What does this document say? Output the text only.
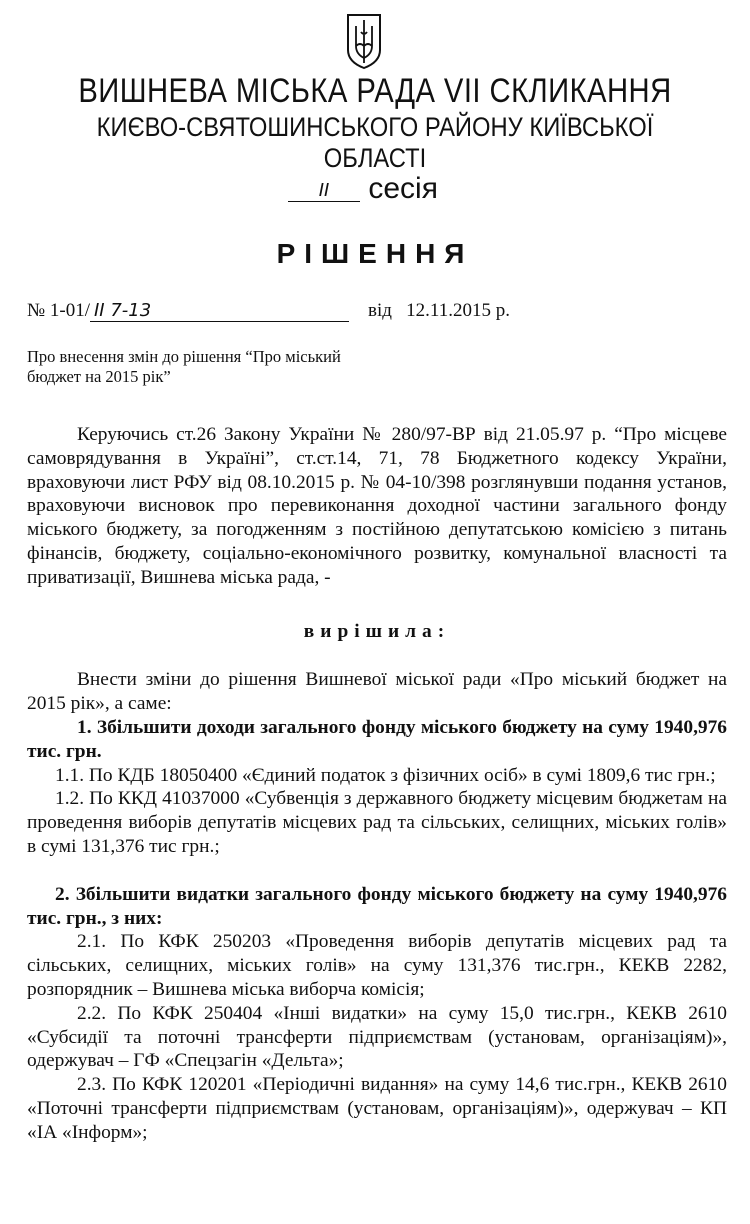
ВИШНЕВА МІСЬКА РАДА VII СКЛИКАННЯ
КИЄВО-СВЯТОШИНСЬКОГО РАЙОНУ КИЇВСЬКОЇ ОБЛАСТІ
ІІ сесія
РІШЕННЯ
№ 1-01/ II 7-13	від 12.11.2015 р.
Про внесення змін до рішення “Про міський бюджет на 2015 рік”

Керуючись ст.26 Закону України № 280/97-ВР від 21.05.97 р. “Про місцеве самоврядування в Україні”, ст.ст.14, 71, 78 Бюджетного кодексу України, враховуючи лист РФУ від 08.10.2015 р. № 04-10/398 розглянувши подання установ, враховуючи висновок про перевиконання доходної частини загального фонду міського бюджету, за погодженням з постійною депутатською комісією з питань фінансів, бюджету, соціально-економічного розвитку, комунальної власності та приватизації, Вишнева міська рада, -

вирішила:

Внести зміни до рішення Вишневої міської ради «Про міський бюджет на 2015 рік», а саме:

1. Збільшити доходи загального фонду міського бюджету на суму 1940,976 тис. грн.

1.1. По КДБ 18050400 «Єдиний податок з фізичних осіб» в сумі 1809,6 тис грн.;

1.2. По ККД 41037000 «Субвенція з державного бюджету місцевим бюджетам на проведення виборів депутатів місцевих рад та сільських, селищних, міських голів» в сумі 131,376 тис грн.;

2. Збільшити видатки загального фонду міського бюджету на суму 1940,976 тис. грн., з них:

2.1. По КФК 250203 «Проведення виборів депутатів місцевих рад та сільських, селищних, міських голів» на суму 131,376 тис.грн., КЕКВ 2282, розпорядник – Вишнева міська виборча комісія;

2.2. По КФК 250404 «Інші видатки» на суму 15,0 тис.грн., КЕКВ 2610 «Субсидії та поточні трансферти підприємствам (установам, організаціям)», одержувач – ГФ «Спецзагін «Дельта»;

2.3. По КФК 120201 «Періодичні видання» на суму 14,6 тис.грн., КЕКВ 2610 «Поточні трансферти підприємствам (установам, організаціям)», одержувач – КП «ІА «Інформ»;
